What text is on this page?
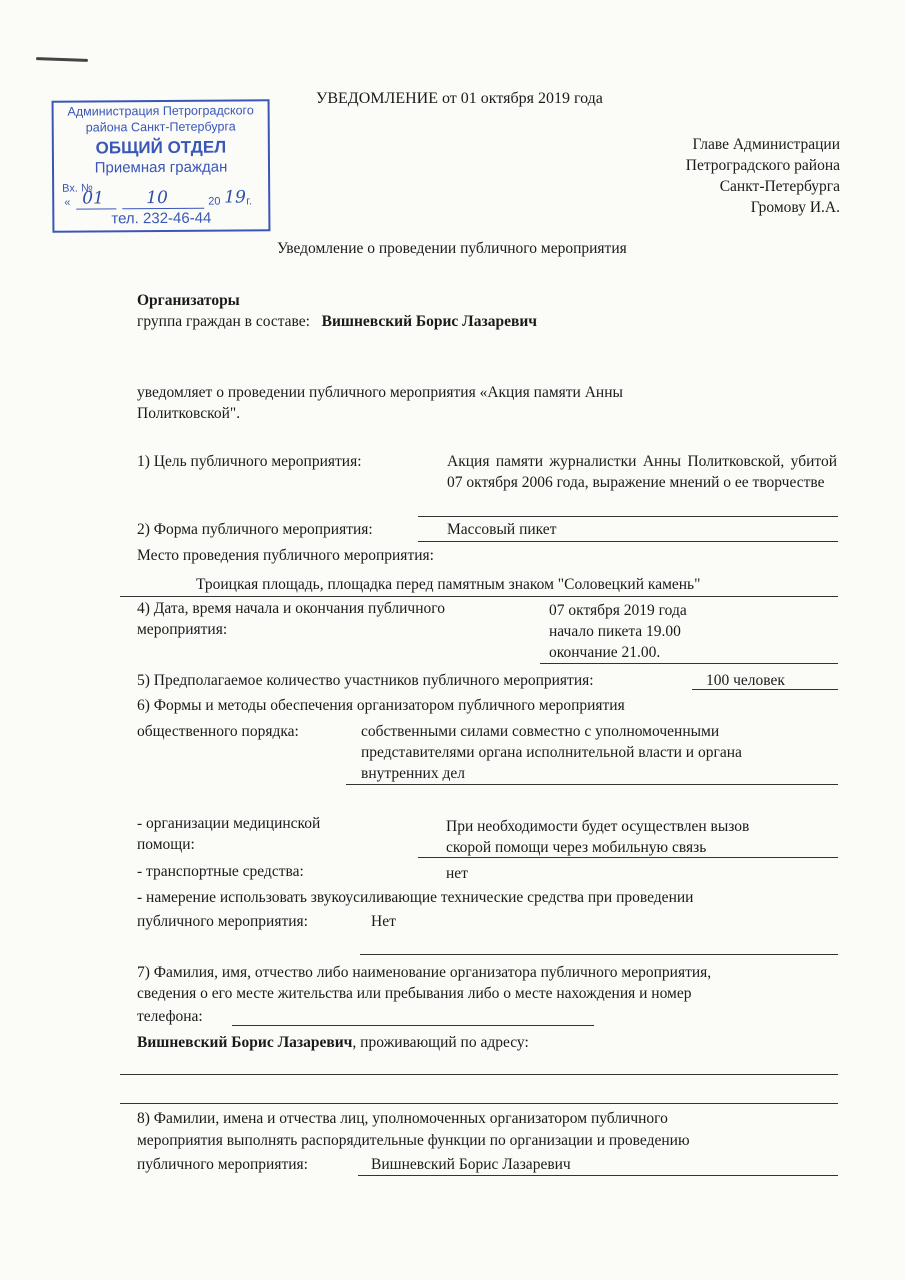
Администрация Петроградского
района Санкт-Петербурга
ОБЩИЙ ОТДЕЛ
Приемная граждан
Вх. №
« 01 10	20 19 г.
тел. 232-46-44
УВЕДОМЛЕНИЕ от 01 октября 2019 года
Главе Администрации
Петроградского района
Санкт-Петербурга
Громову И.А.
Уведомление о проведении публичного мероприятия
Организаторы
группа граждан в составе: Вишневский Борис Лазаревич
уведомляет о проведении публичного мероприятия «Акция памяти Анны
Политковской".
1) Цель публичного мероприятия:	Акция памяти журналистки Анны Политковской, убитой 07 октября 2006 года, выражение мнений о ее творчестве
2) Форма публичного мероприятия:	Массовый пикет
Место проведения публичного мероприятия:
Троицкая площадь, площадка перед памятным знаком "Соловецкий камень"
4) Дата, время начала и окончания публичного
мероприятия:
07 октября 2019 года
начало пикета 19.00
окончание 21.00.
5) Предполагаемое количество участников публичного мероприятия:	100 человек
6) Формы и методы обеспечения организатором публичного мероприятия
общественного порядка:	собственными силами совместно с уполномоченными
представителями органа исполнительной власти и органа
внутренних дел
- организации медицинской
помощи:
При необходимости будет осуществлен вызов
скорой помощи через мобильную связь
- транспортные средства:	нет
- намерение использовать звукоусиливающие технические средства при проведении
публичного мероприятия:	Нет
7) Фамилия, имя, отчество либо наименование организатора публичного мероприятия,
сведения о его месте жительства или пребывания либо о месте нахождения и номер
телефона:
Вишневский Борис Лазаревич, проживающий по адресу:
8) Фамилии, имена и отчества лиц, уполномоченных организатором публичного
мероприятия выполнять распорядительные функции по организации и проведению
публичного мероприятия:	Вишневский Борис Лазаревич
